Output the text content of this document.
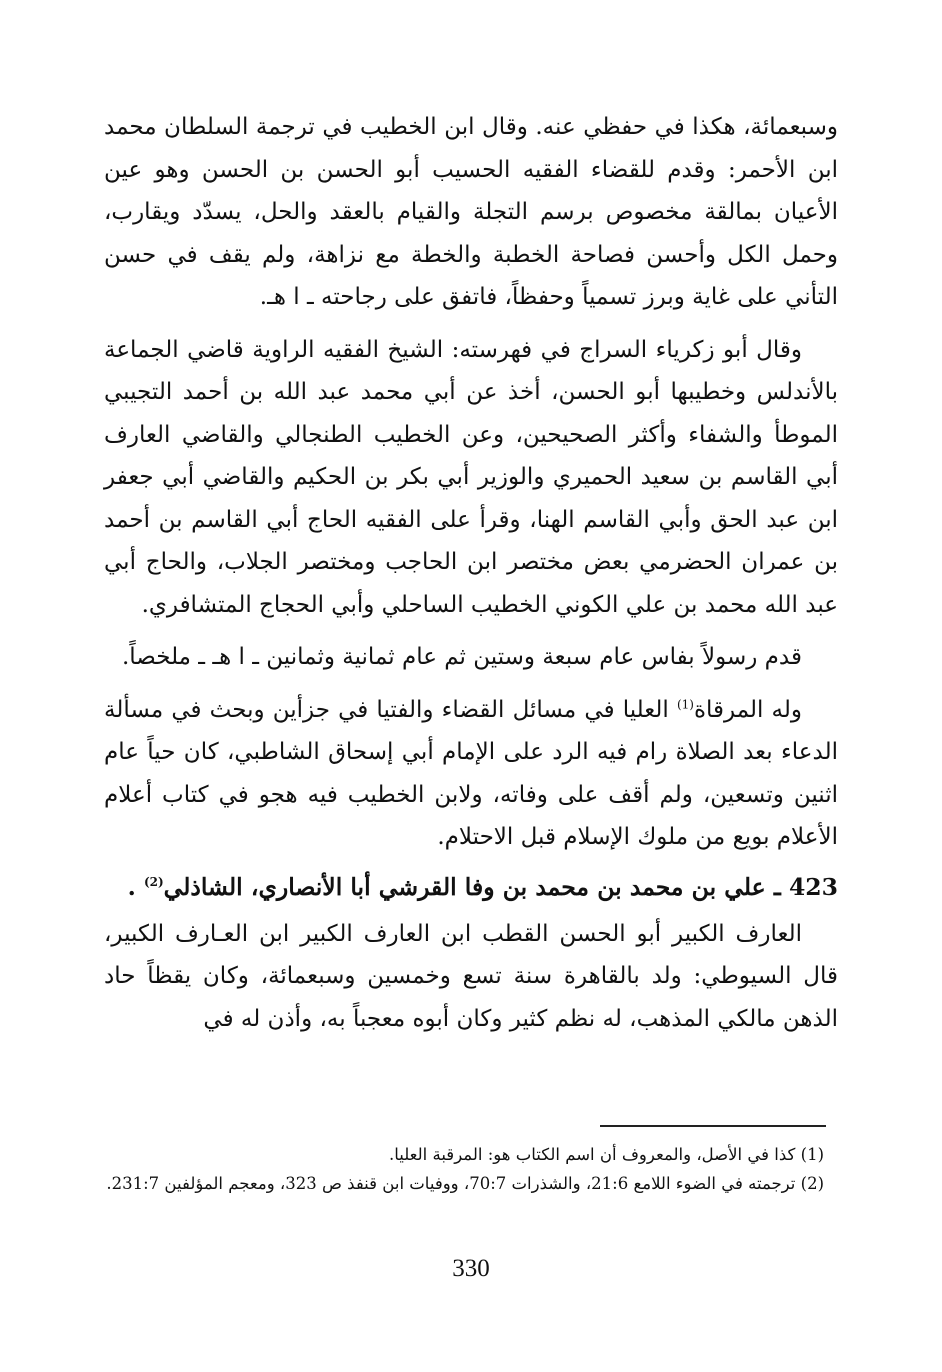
وسبعمائة، هكذا في حفظي عنه. وقال ابن الخطيب في ترجمة السلطان محمد ابن الأحمر: وقدم للقضاء الفقيه الحسيب أبو الحسن بن الحسن وهو عين الأعيان بمالقة مخصوص برسم التجلة والقيام بالعقد والحل، يسدّد ويقارب، وحمل الكل وأحسن فصاحة الخطبة والخطة مع نزاهة، ولم يقف في حسن التأني على غاية وبرز تسمياً وحفظاً، فاتفق على رجاحته ـ ا هـ.

وقال أبو زكرياء السراج في فهرسته: الشيخ الفقيه الراوية قاضي الجماعة بالأندلس وخطيبها أبو الحسن، أخذ عن أبي محمد عبد الله بن أحمد التجيبي الموطأ والشفاء وأكثر الصحيحين، وعن الخطيب الطنجالي والقاضي العارف أبي القاسم بن سعيد الحميري والوزير أبي بكر بن الحكيم والقاضي أبي جعفر ابن عبد الحق وأبي القاسم الهنا، وقرأ على الفقيه الحاج أبي القاسم بن أحمد بن عمران الحضرمي بعض مختصر ابن الحاجب ومختصر الجلاب، والحاج أبي عبد الله محمد بن علي الكوني الخطيب الساحلي وأبي الحجاج المتشافري.

قدم رسولاً بفاس عام سبعة وستين ثم عام ثمانية وثمانين ـ ا هـ ـ ملخصاً.

وله المرقاة$^{(1)}$ العليا في مسائل القضاء والفتيا في جزأين وبحث في مسألة الدعاء بعد الصلاة رام فيه الرد على الإمام أبي إسحاق الشاطبي، كان حياً عام اثنين وتسعين، ولم أقف على وفاته، ولابن الخطيب فيه هجو في كتاب أعلام الأعلام بويع من ملوك الإسلام قبل الاحتلام.

423 ـ علي بن محمد بن محمد بن وفا القرشي أبا الأنصاري، الشاذلي$^{(2)}$ .

العارف الكبير أبو الحسن القطب ابن العارف الكبير ابن العـارف الكبير، قال السيوطي: ولد بالقاهرة سنة تسع وخمسين وسبعمائة، وكان يقظاً حاد الذهن مالكي المذهب، له نظم كثير وكان أبوه معجباً به، وأذن له في

(1) كذا في الأصل، والمعروف أن اسم الكتاب هو: المرقبة العليا.

(2) ترجمته في الضوء اللامع 21:6، والشذرات 70:7، ووفيات ابن قنفذ ص 323، ومعجم المؤلفين 231:7.

330
